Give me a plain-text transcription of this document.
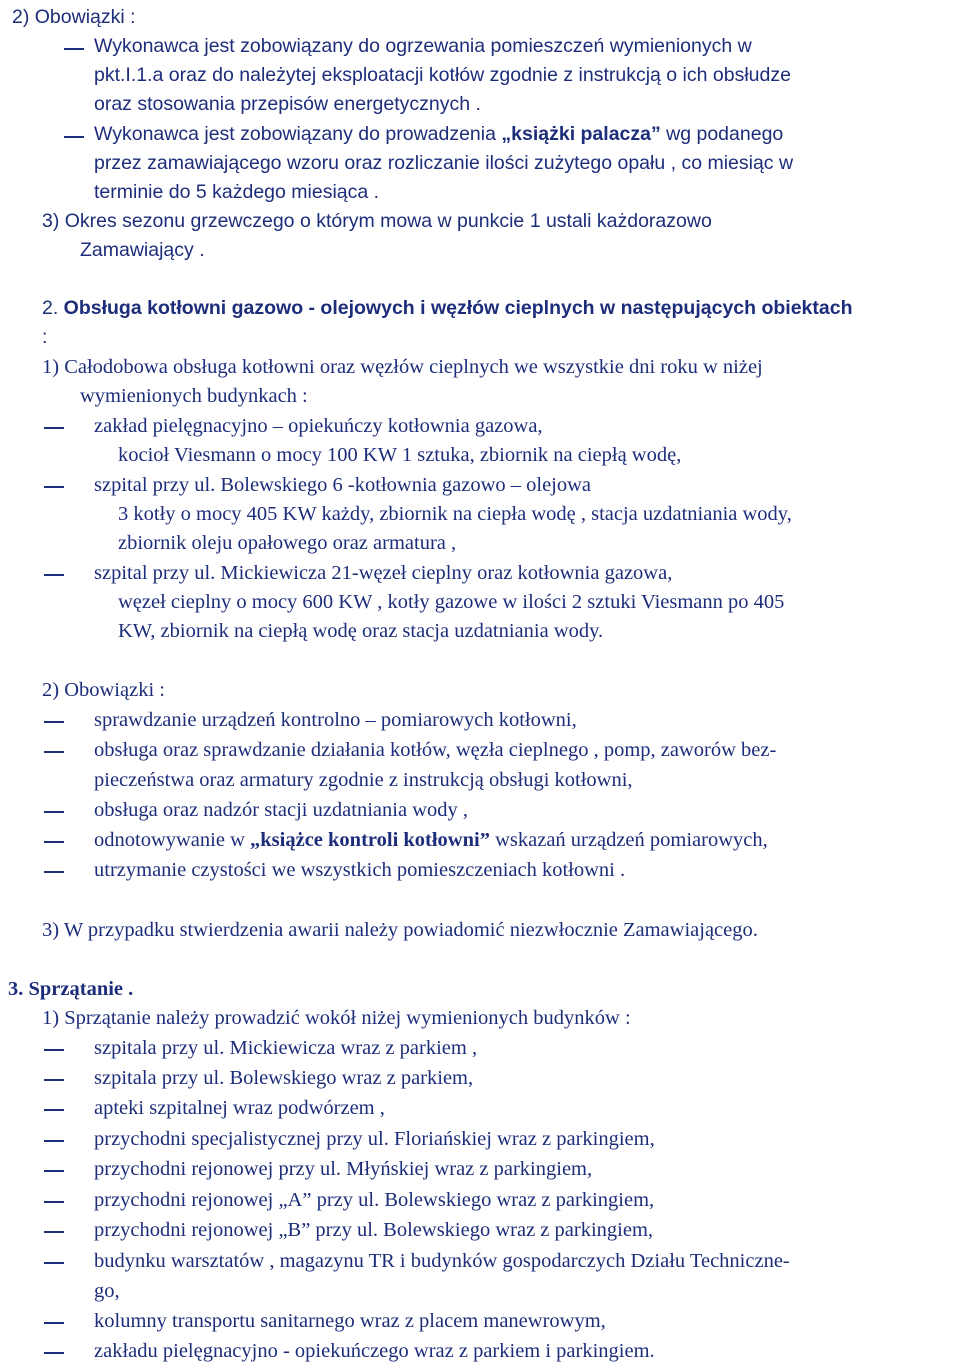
2) Obowiązki :
Wykonawca jest zobowiązany do ogrzewania pomieszczeń wymienionych w
pkt.I.1.a oraz do należytej eksploatacji kotłów zgodnie z instrukcją o ich obsłudze
oraz stosowania przepisów energetycznych .
Wykonawca jest zobowiązany do prowadzenia „książki palacza” wg podanego
przez zamawiającego wzoru oraz rozliczanie ilości zużytego opału , co miesiąc w
terminie do 5 każdego miesiąca .
3) Okres sezonu grzewczego o którym mowa w punkcie 1 ustali każdorazowo
Zamawiający .
2. Obsługa kotłowni gazowo - olejowych i węzłów cieplnych w następujących obiektach
:
1) Całodobowa obsługa kotłowni oraz węzłów cieplnych we wszystkie dni roku w niżej
wymienionych budynkach :
zakład pielęgnacyjno – opiekuńczy kotłownia gazowa,
kocioł Viesmann o mocy 100 KW 1 sztuka, zbiornik na ciepłą wodę,
szpital przy ul. Bolewskiego 6 -kotłownia gazowo – olejowa
3 kotły o mocy 405 KW każdy, zbiornik na ciepła wodę , stacja uzdatniania wody,
zbiornik oleju opałowego oraz armatura ,
szpital przy ul. Mickiewicza 21-węzeł cieplny oraz kotłownia gazowa,
węzeł cieplny o mocy 600 KW , kotły gazowe w ilości 2 sztuki Viesmann po 405
KW, zbiornik na ciepłą wodę oraz stacja uzdatniania wody.
2) Obowiązki :
sprawdzanie urządzeń kontrolno – pomiarowych kotłowni,
obsługa oraz sprawdzanie działania kotłów, węzła cieplnego , pomp, zaworów bez-
pieczeństwa oraz armatury zgodnie z instrukcją obsługi kotłowni,
obsługa oraz nadzór stacji uzdatniania wody ,
odnotowywanie w „książce kontroli kotłowni” wskazań urządzeń pomiarowych,
utrzymanie czystości we wszystkich pomieszczeniach kotłowni .
3) W przypadku stwierdzenia awarii należy powiadomić niezwłocznie Zamawiającego.
3. Sprzątanie .
1) Sprzątanie należy prowadzić wokół niżej wymienionych budynków :
szpitala przy ul. Mickiewicza wraz z parkiem ,
szpitala przy ul. Bolewskiego wraz z parkiem,
apteki szpitalnej wraz podwórzem ,
przychodni specjalistycznej przy ul. Floriańskiej wraz z parkingiem,
przychodni rejonowej przy ul. Młyńskiej wraz z parkingiem,
przychodni rejonowej „A” przy ul. Bolewskiego wraz z parkingiem,
przychodni rejonowej „B” przy ul. Bolewskiego wraz z parkingiem,
budynku warsztatów , magazynu TR i budynków gospodarczych Działu Techniczne-
go,
kolumny transportu sanitarnego wraz z placem manewrowym,
zakładu pielęgnacyjno - opiekuńczego wraz z parkiem i parkingiem.
